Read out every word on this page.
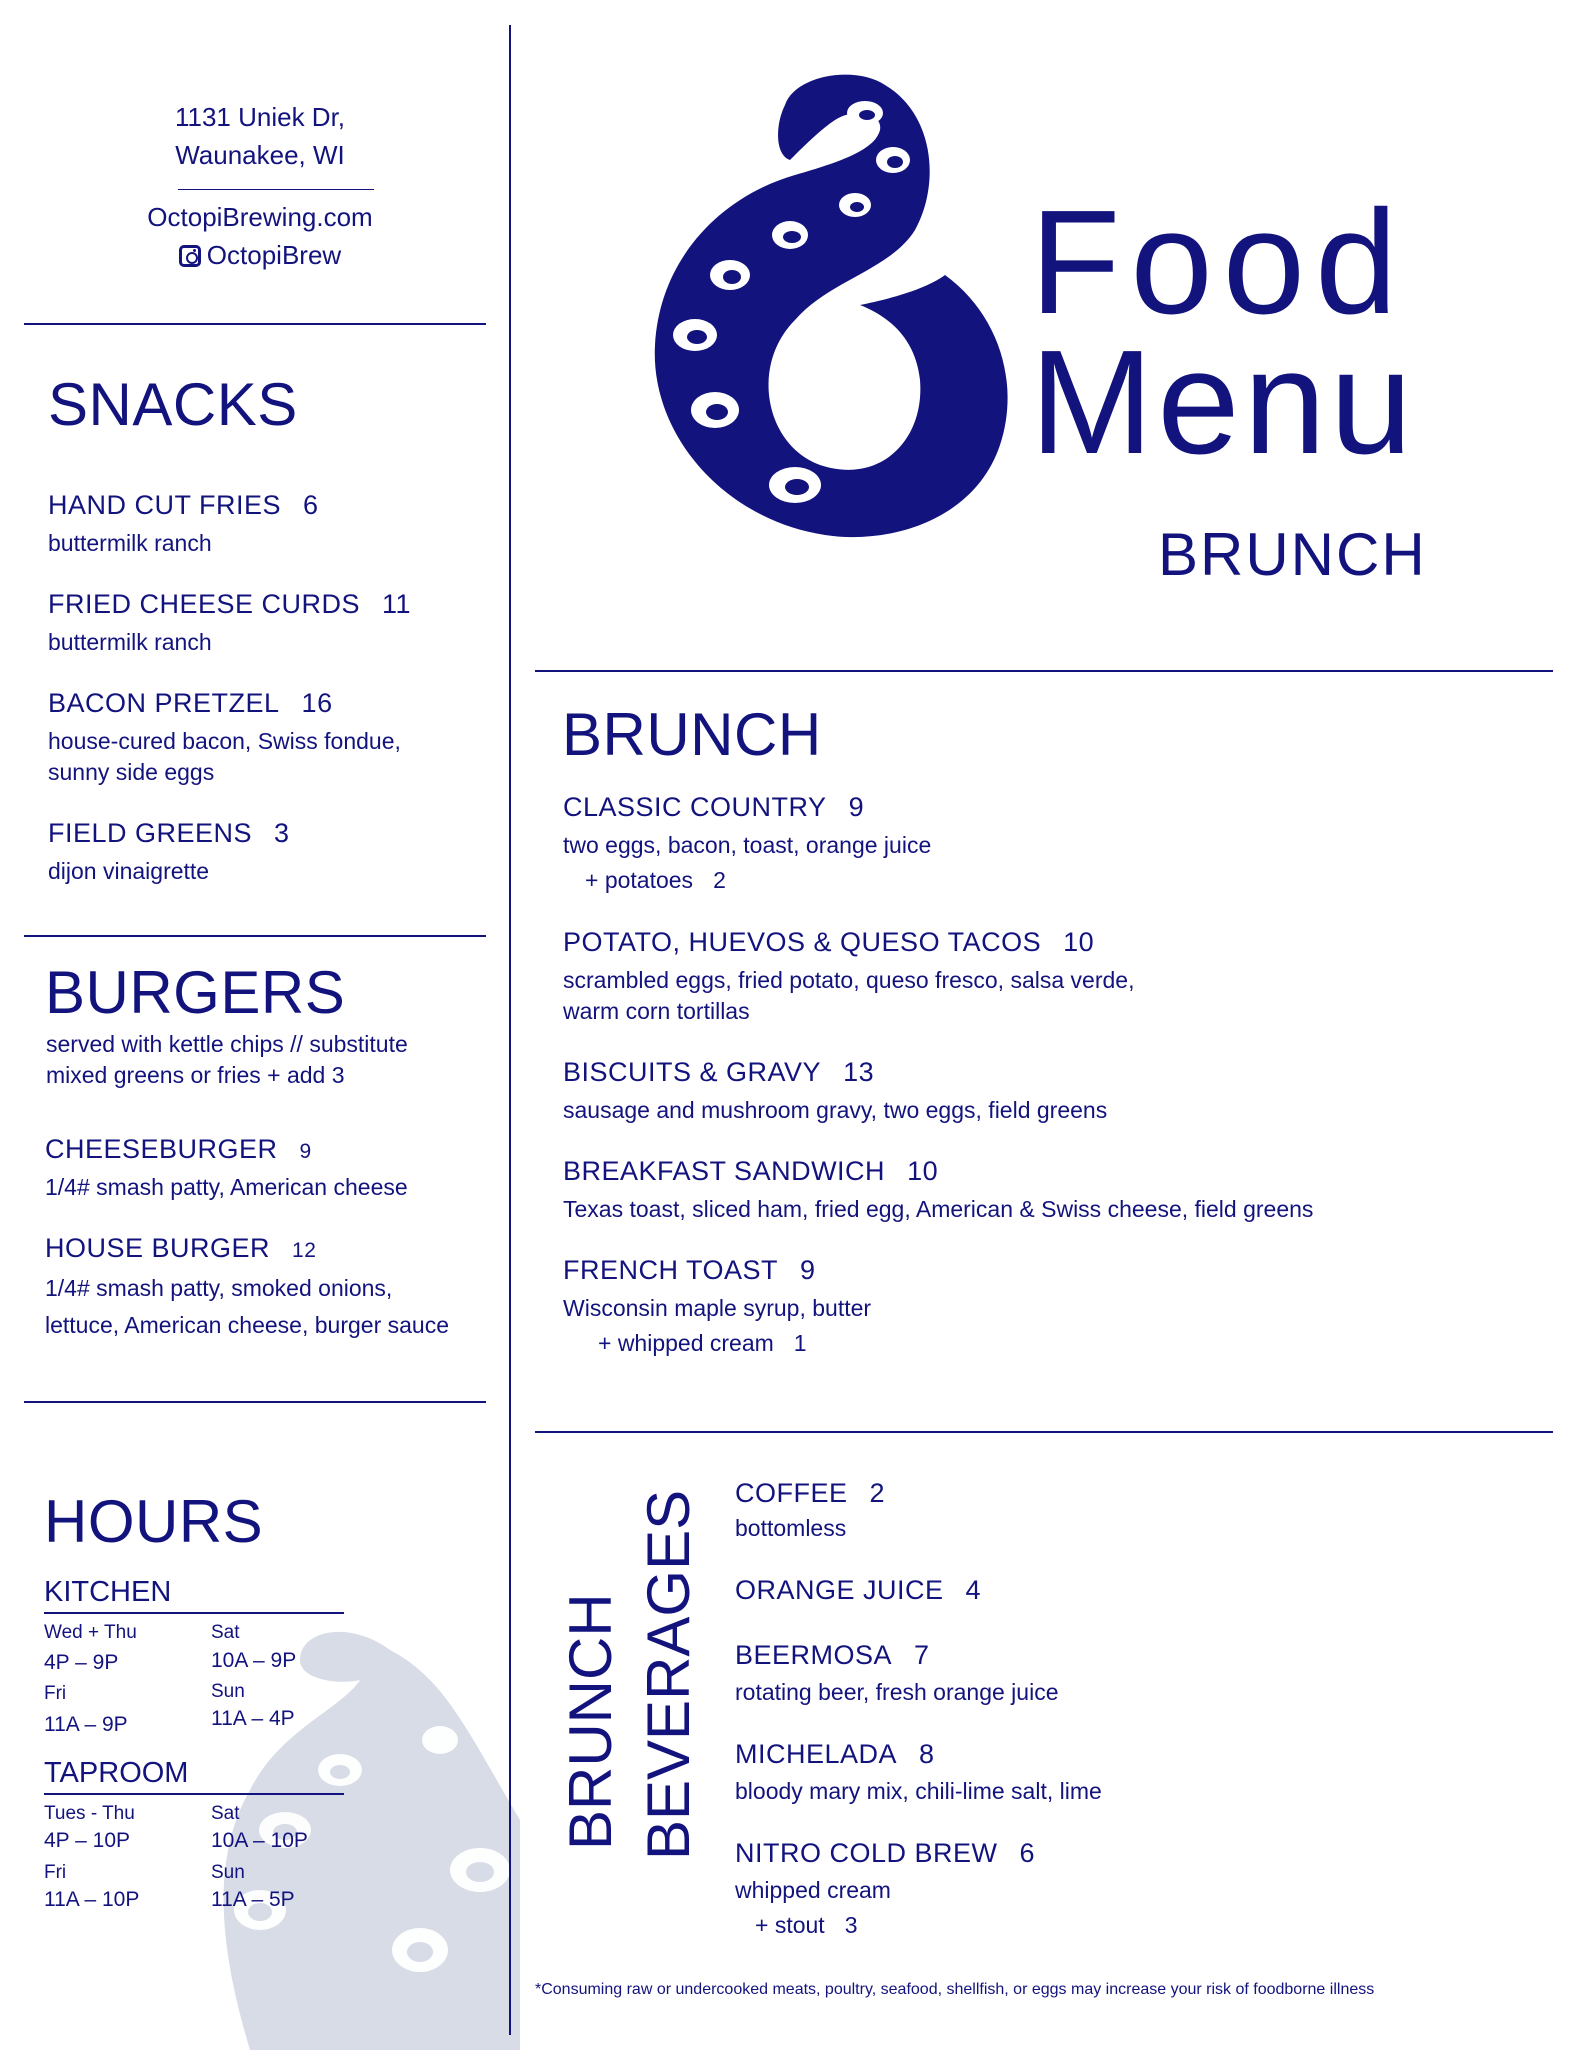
1131 Uniek Dr,
Waunakee, WI
OctopiBrewing.com
OctopiBrew
SNACKS
HAND CUT FRIES 6
buttermilk ranch
FRIED CHEESE CURDS 11
buttermilk ranch
BACON PRETZEL 16
house-cured bacon, Swiss fondue,
sunny side eggs
FIELD GREENS 3
dijon vinaigrette
BURGERS
served with kettle chips // substitute
mixed greens or fries + add 3
CHEESEBURGER 9
1/4# smash patty, American cheese
HOUSE BURGER 12
1/4# smash patty, smoked onions,
lettuce, American cheese, burger sauce
HOURS
KITCHEN
Wed + Thu
4P – 9P
Fri
11A – 9P
Sat
10A – 9P
Sun
11A – 4P
TAPROOM
Tues - Thu
4P – 10P
Fri
11A – 10P
Sat
10A – 10P
Sun
11A – 5P
Food
Menu
BRUNCH
BRUNCH
CLASSIC COUNTRY 9
two eggs, bacon, toast, orange juice
+ potatoes 2
POTATO, HUEVOS & QUESO TACOS 10
scrambled eggs, fried potato, queso fresco, salsa verde,
warm corn tortillas
BISCUITS & GRAVY 13
sausage and mushroom gravy, two eggs, field greens
BREAKFAST SANDWICH 10
Texas toast, sliced ham, fried egg, American & Swiss cheese, field greens
FRENCH TOAST 9
Wisconsin maple syrup, butter
+ whipped cream 1
BRUNCH BEVERAGES COFFEE 2
bottomless
ORANGE JUICE 4
BEERMOSA 7
rotating beer, fresh orange juice
MICHELADA 8
bloody mary mix, chili-lime salt, lime
NITRO COLD BREW 6
whipped cream
+ stout 3
*Consuming raw or undercooked meats, poultry, seafood, shellfish, or eggs may increase your risk of foodborne illness
